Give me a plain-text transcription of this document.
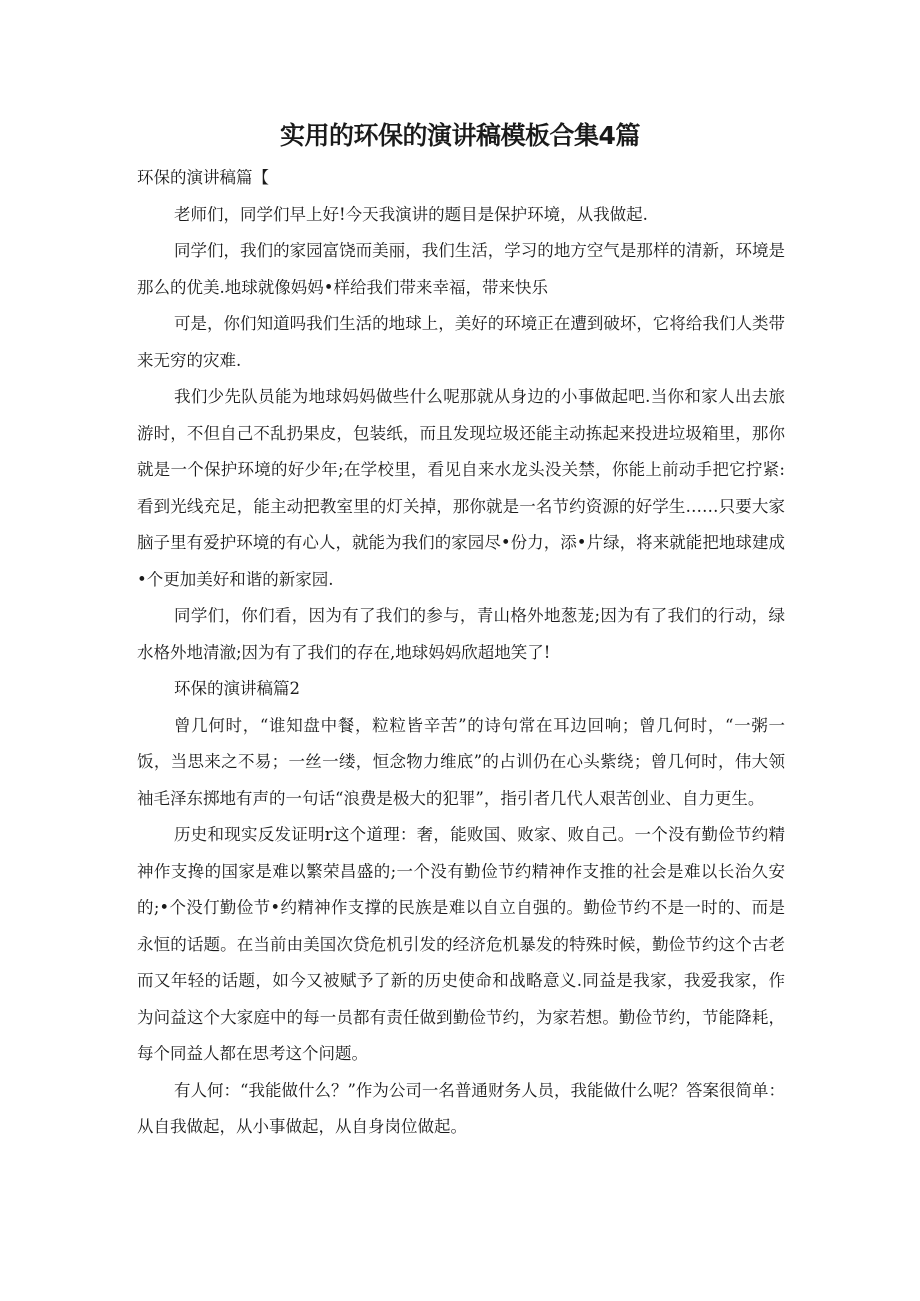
实用的环保的演讲稿模板合集4篇

环保的演讲稿篇【

老师们，同学们早上好!今天我演讲的题目是保护环境，从我做起.

同学们，我们的家园富饶而美丽，我们生活，学习的地方空气是那样的清新，环境是那么的优美.地球就像妈妈•样给我们带来幸福，带来快乐

可是，你们知道吗我们生活的地球上，美好的环境正在遭到破坏，它将给我们人类带来无穷的灾难.

我们少先队员能为地球妈妈做些什么呢那就从身边的小事做起吧.当你和家人出去旅游时，不但自己不乱扔果皮，包装纸，而且发现垃圾还能主动拣起来投进垃圾箱里，那你就是一个保护环境的好少年;在学校里，看见自来水龙头没关禁，你能上前动手把它拧紧:看到光线充足，能主动把教室里的灯关掉，那你就是一名节约资源的好学生……只要大家脑子里有爱护环境的有心人，就能为我们的家园尽•份力，添•片绿，将来就能把地球建成•个更加美好和谐的新家园.

同学们，你们看，因为有了我们的参与，青山格外地葱茏;因为有了我们的行动，绿水格外地清澈;因为有了我们的存在,地球妈妈欣超地笑了!

环保的演讲稿篇2

曾几何时，“谁知盘中餐，粒粒皆辛苦”的诗句常在耳边回响；曾几何时，“一粥一饭，当思来之不易；一丝一缕，恒念物力维底”的占训仍在心头紫绕；曾几何时，伟大领袖毛泽东掷地有声的一句话“浪费是极大的犯罪”，指引者几代人艰苦创业、自力更生。

历史和现实反发证明r这个道理：奢，能败国、败家、败自己。一个没有勤俭节约精神作支搀的国家是难以繁荣昌盛的;一个没有勤俭节约精神作支推的社会是难以长治久安的;•个没仃勤俭节•约精神作支撑的民族是难以自立自强的。勤俭节约不是一时的、而是永恒的话题。在当前由美国次贷危机引发的经济危机暴发的特殊时候，勤俭节约这个古老而又年轻的话题，如今又被赋予了新的历史使命和战略意义.同益是我家，我爱我家，作为问益这个大家庭中的每一员都有责任做到勤俭节约，为家若想。勤俭节约，节能降耗，每个同益人都在思考这个问题。

有人何：“我能做什么？”作为公司一名普通财务人员，我能做什么呢？答案很简单：从自我做起，从小事做起，从自身岗位做起。
